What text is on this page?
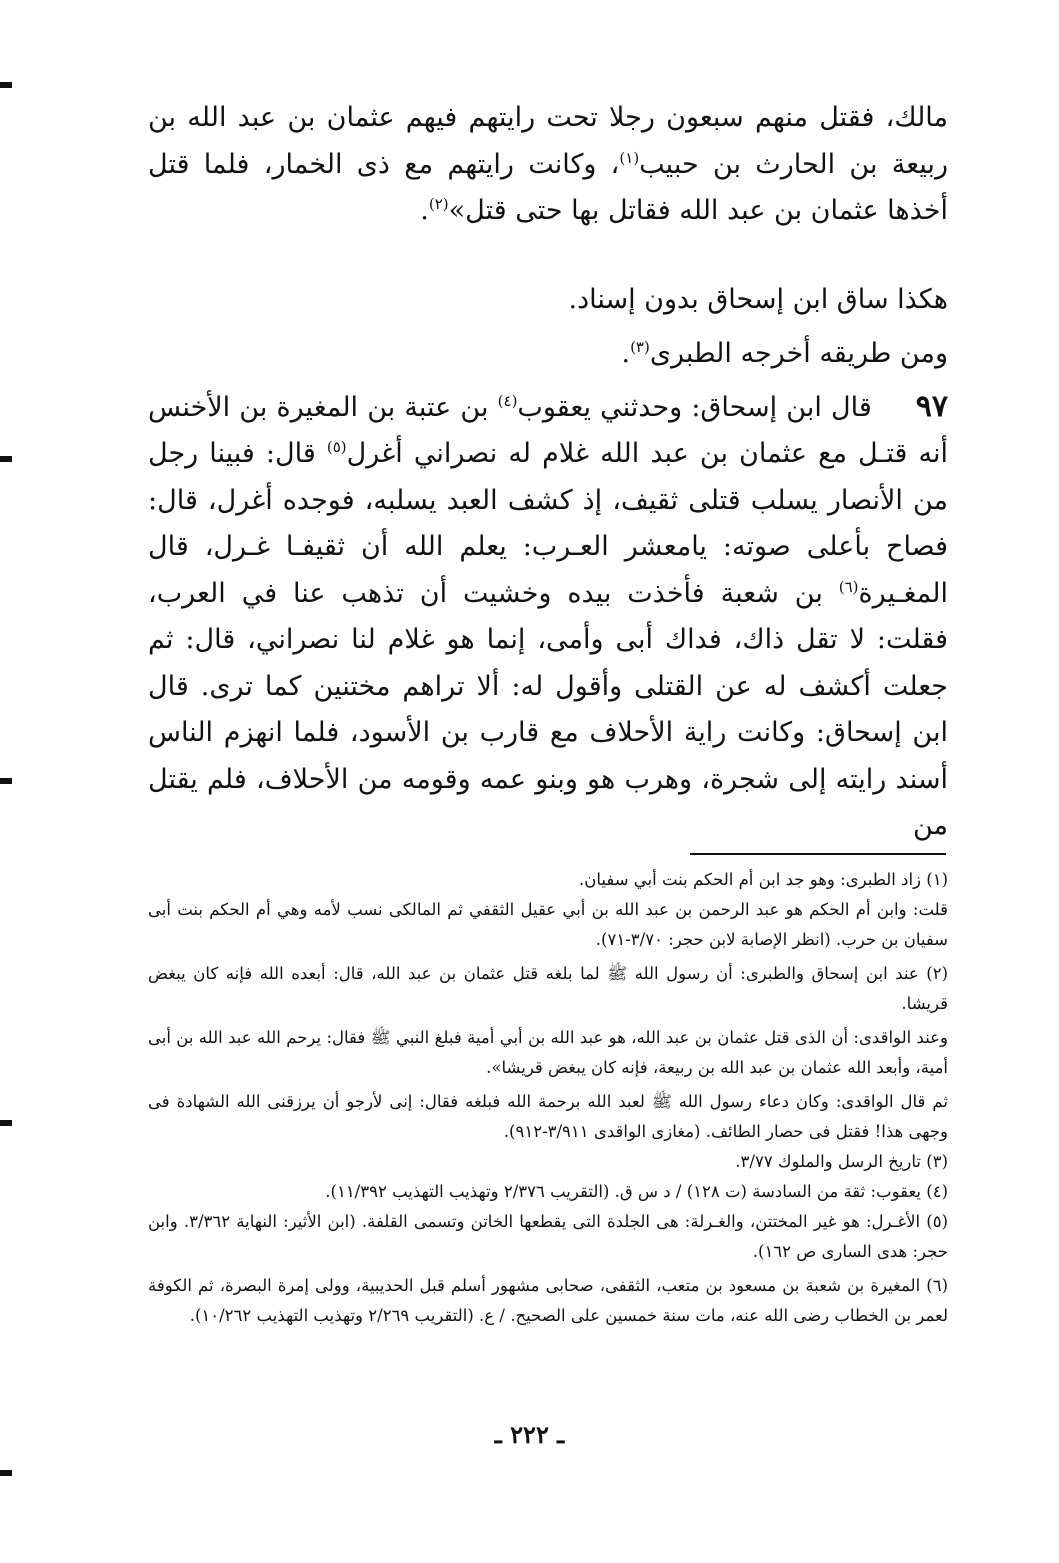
مالك، فقتل منهم سبعون رجلا تحت رايتهم فيهم عثمان بن عبد الله بن ربيعة بن الحارث بن حبيب$^{(١)}$، وكانت رايتهم مع ذى الخمار، فلما قتل أخذها عثمان بن عبد الله فقاتل بها حتى قتل»$^{(٢)}$.

هكذا ساق ابن إسحاق بدون إسناد.

ومن طريقه أخرجه الطبرى$^{(٣)}$.

٩٧قال ابن إسحاق: وحدثني يعقوب$^{(٤)}$ بن عتبة بن المغيرة بن الأخنس أنه قتـل مع عثمان بن عبد الله غلام له نصراني أغرل$^{(٥)}$ قال: فبينا رجل من الأنصار يسلب قتلى ثقيف، إذ كشف العبد يسلبه، فوجده أغرل، قال: فصاح بأعلى صوته: يامعشر العـرب: يعلم الله أن ثقيفـا غـرل، قال المغـيرة$^{(٦)}$ بن شعبة فأخذت بيده وخشيت أن تذهب عنا في العرب، فقلت: لا تقل ذاك، فداك أبى وأمى، إنما هو غلام لنا نصراني، قال: ثم جعلت أكشف له عن القتلى وأقول له: ألا تراهم مختنين كما ترى. قال ابن إسحاق: وكانت راية الأحلاف مع قارب بن الأسود، فلما انهزم الناس أسند رايته إلى شجرة، وهرب هو وبنو عمه وقومه من الأحلاف، فلم يقتل من

(١) زاد الطبرى: وهو جد ابن أم الحكم بنت أبي سفيان.

قلت: وابن أم الحكم هو عبد الرحمن بن عبد الله بن أبي عقيل الثقفي ثم المالكى نسب لأمه وهي أم الحكم بنت أبى سفيان بن حرب. (انظر الإصابة لابن حجر: ٣/٧٠-٧١).

(٢) عند ابن إسحاق والطبرى: أن رسول الله ﷺ لما بلغه قتل عثمان بن عبد الله، قال: أبعده الله فإنه كان يبغض قريشا.

وعند الواقدى: أن الذى قتل عثمان بن عبد الله، هو عبد الله بن أبي أمية فبلغ النبي ﷺ فقال: يرحم الله عبد الله بن أبى أمية، وأبعد الله عثمان بن عبد الله بن ربيعة، فإنه كان يبغض قريشا».

ثم قال الواقدى: وكان دعاء رسول الله ﷺ لعبد الله برحمة الله فبلغه فقال: إنى لأرجو أن يرزقنى الله الشهادة فى وجهى هذا! فقتل فى حصار الطائف. (مغازى الواقدى ٣/٩١١-٩١٢).

(٣) تاريخ الرسل والملوك ٣/٧٧.

(٤) يعقوب: ثقة من السادسة (ت ١٢٨) / د س ق. (التقريب ٢/٣٧٦ وتهذيب التهذيب ١١/٣٩٢).

(٥) الأغـرل: هو غير المختتن، والغـرلة: هى الجلدة التى يقطعها الخاتن وتسمى القلفة. (ابن الأثير: النهاية ٣/٣٦٢. وابن حجر: هدى السارى ص ١٦٢).

(٦) المغيرة بن شعبة بن مسعود بن متعب، الثقفى، صحابى مشهور أسلم قبل الحديبية، وولى إمرة البصرة، ثم الكوفة لعمر بن الخطاب رضى الله عنه، مات سنة خمسين على الصحيح. / ع. (التقريب ٢/٢٦٩ وتهذيب التهذيب ١٠/٢٦٢).

ـ ٢٢٢ ـ
